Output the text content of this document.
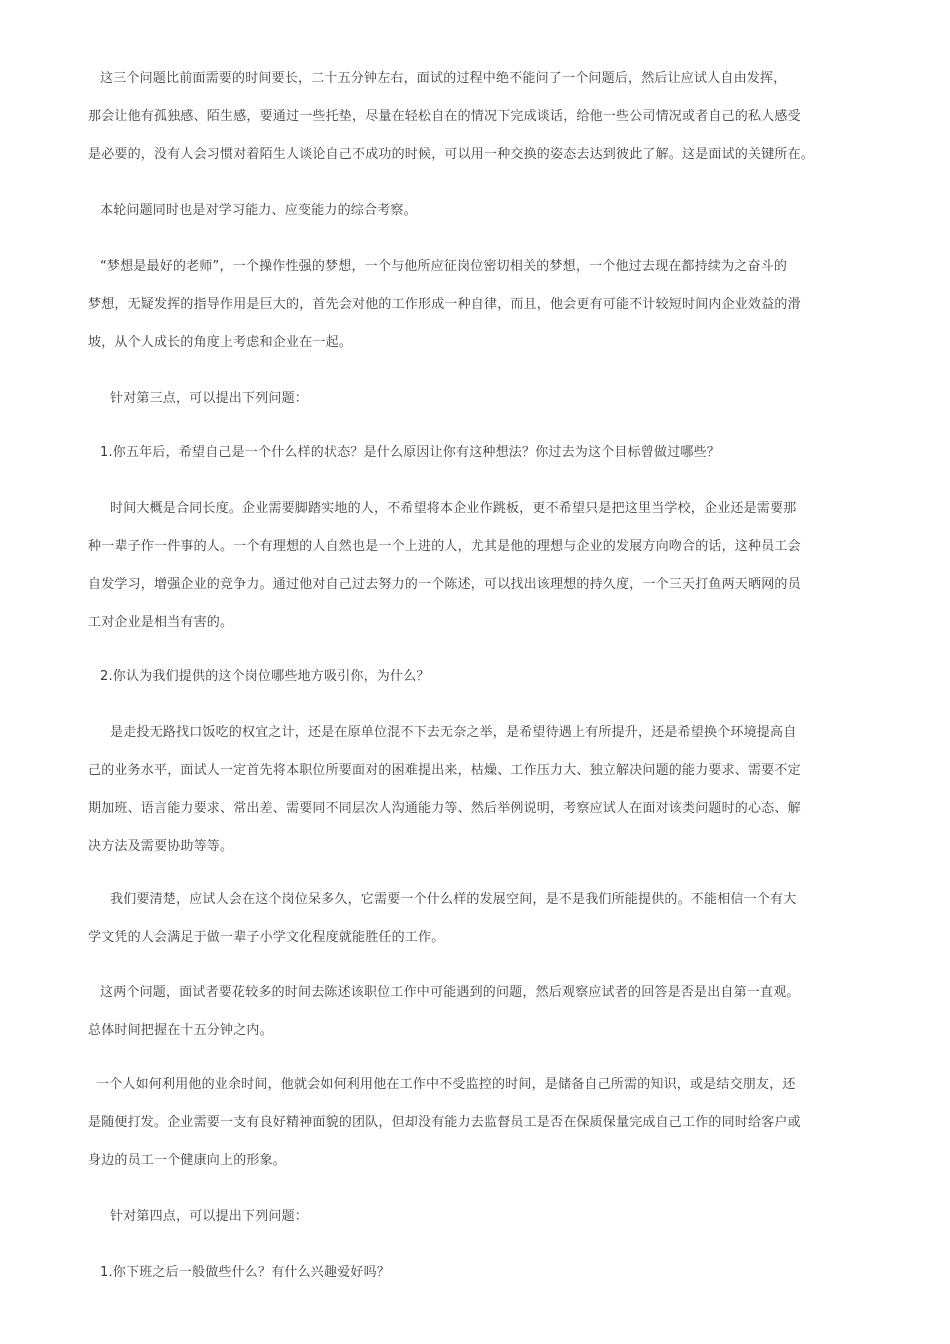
这三个问题比前面需要的时间要长，二十五分钟左右，面试的过程中绝不能问了一个问题后，然后让应试人自由发挥，
那会让他有孤独感、陌生感，要通过一些托垫，尽量在轻松自在的情况下完成谈话，给他一些公司情况或者自己的私人感受
是必要的，没有人会习惯对着陌生人谈论自己不成功的时候，可以用一种交换的姿态去达到彼此了解。这是面试的关键所在。
本轮问题同时也是对学习能力、应变能力的综合考察。
“梦想是最好的老师”，一个操作性强的梦想，一个与他所应征岗位密切相关的梦想，一个他过去现在都持续为之奋斗的
梦想，无疑发挥的指导作用是巨大的，首先会对他的工作形成一种自律，而且，他会更有可能不计较短时间内企业效益的滑
坡，从个人成长的角度上考虑和企业在一起。
针对第三点，可以提出下列问题：
1.你五年后，希望自己是一个什么样的状态？是什么原因让你有这种想法？你过去为这个目标曾做过哪些？
时间大概是合同长度。企业需要脚踏实地的人，不希望将本企业作跳板，更不希望只是把这里当学校，企业还是需要那
种一辈子作一件事的人。一个有理想的人自然也是一个上进的人，尤其是他的理想与企业的发展方向吻合的话，这种员工会
自发学习，增强企业的竞争力。通过他对自己过去努力的一个陈述，可以找出该理想的持久度，一个三天打鱼两天晒网的员
工对企业是相当有害的。
2.你认为我们提供的这个岗位哪些地方吸引你，为什么？
是走投无路找口饭吃的权宜之计，还是在原单位混不下去无奈之举，是希望待遇上有所提升，还是希望换个环境提高自
己的业务水平，面试人一定首先将本职位所要面对的困难提出来，枯燥、工作压力大、独立解决问题的能力要求、需要不定
期加班、语言能力要求、常出差、需要同不同层次人沟通能力等、然后举例说明，考察应试人在面对该类问题时的心态、解
决方法及需要协助等等。
我们要清楚，应试人会在这个岗位呆多久，它需要一个什么样的发展空间，是不是我们所能提供的。不能相信一个有大
学文凭的人会满足于做一辈子小学文化程度就能胜任的工作。
这两个问题，面试者要花较多的时间去陈述该职位工作中可能遇到的问题，然后观察应试者的回答是否是出自第一直观。
总体时间把握在十五分钟之内。
一个人如何利用他的业余时间，他就会如何利用他在工作中不受监控的时间，是储备自己所需的知识，或是结交朋友，还
是随便打发。企业需要一支有良好精神面貌的团队，但却没有能力去监督员工是否在保质保量完成自己工作的同时给客户或
身边的员工一个健康向上的形象。
针对第四点，可以提出下列问题：
1.你下班之后一般做些什么？有什么兴趣爱好吗？
